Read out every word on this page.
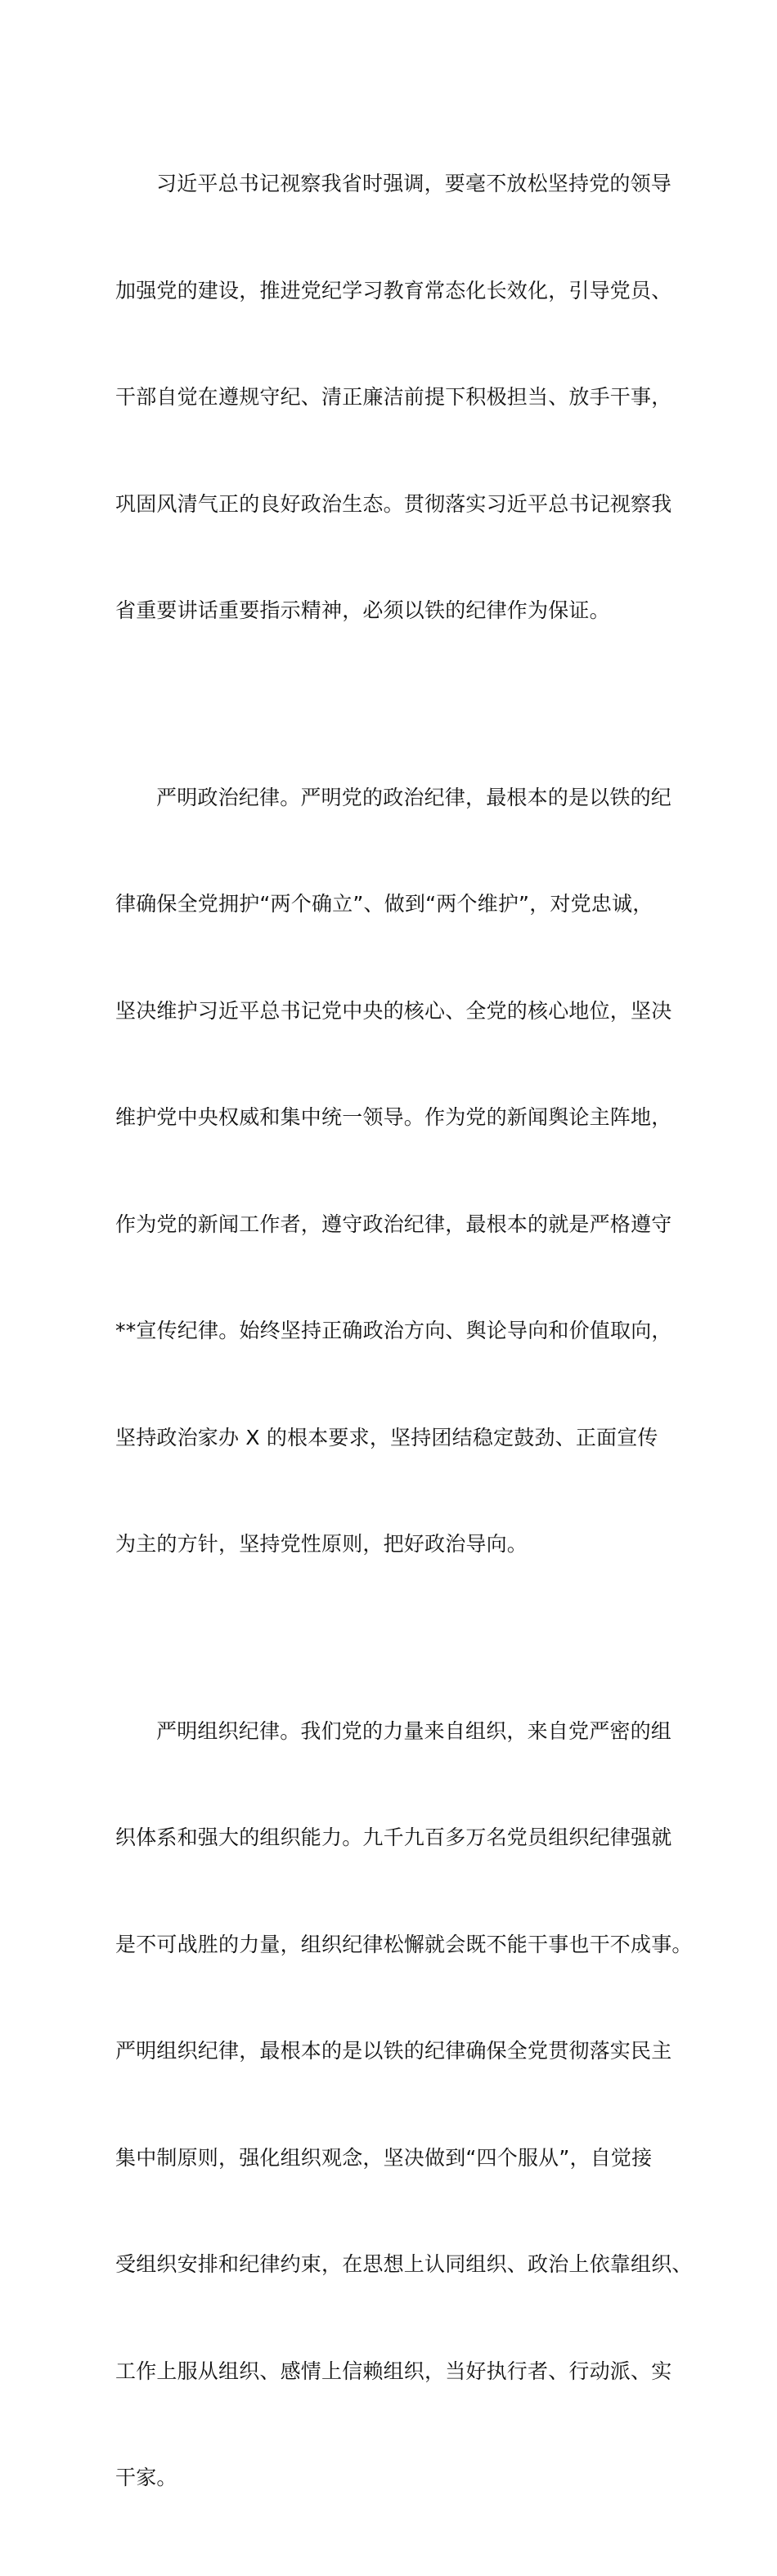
习近平总书记视察我省时强调，要毫不放松坚持党的领导

加强党的建设，推进党纪学习教育常态化长效化，引导党员、

干部自觉在遵规守纪、清正廉洁前提下积极担当、放手干事，

巩固风清气正的良好政治生态。贯彻落实习近平总书记视察我

省重要讲话重要指示精神，必须以铁的纪律作为保证。

严明政治纪律。严明党的政治纪律，最根本的是以铁的纪

律确保全党拥护“两个确立”、做到“两个维护”，对党忠诚，

坚决维护习近平总书记党中央的核心、全党的核心地位，坚决

维护党中央权威和集中统一领导。作为党的新闻舆论主阵地，

作为党的新闻工作者，遵守政治纪律，最根本的就是严格遵守

**宣传纪律。始终坚持正确政治方向、舆论导向和价值取向，

坚持政治家办 X 的根本要求，坚持团结稳定鼓劲、正面宣传

为主的方针，坚持党性原则，把好政治导向。

严明组织纪律。我们党的力量来自组织，来自党严密的组

织体系和强大的组织能力。九千九百多万名党员组织纪律强就

是不可战胜的力量，组织纪律松懈就会既不能干事也干不成事。

严明组织纪律，最根本的是以铁的纪律确保全党贯彻落实民主

集中制原则，强化组织观念，坚决做到“四个服从”，自觉接

受组织安排和纪律约束，在思想上认同组织、政治上依靠组织、

工作上服从组织、感情上信赖组织，当好执行者、行动派、实

干家。
